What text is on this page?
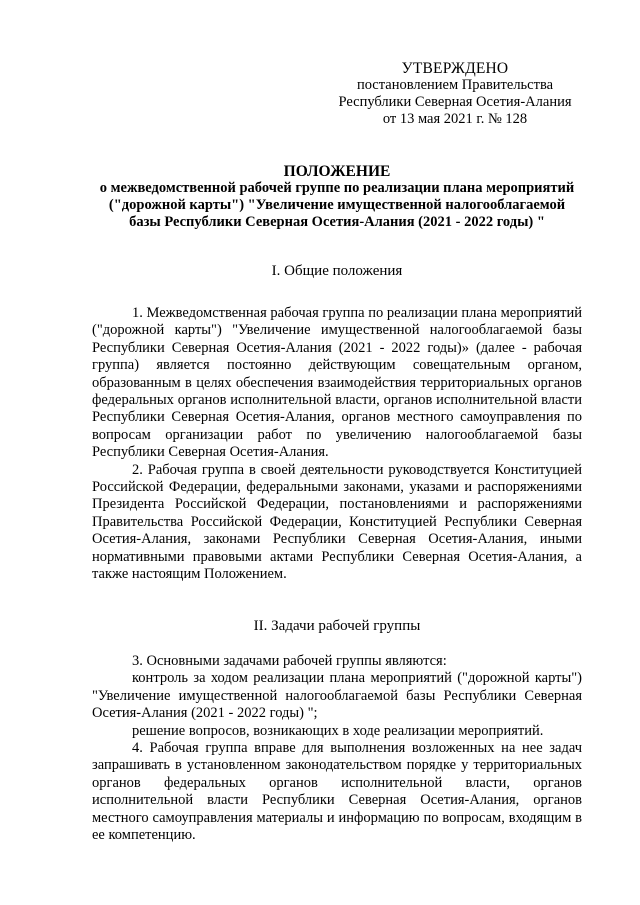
УТВЕРЖДЕНО
постановлением Правительства
Республики Северная Осетия-Алания
от 13 мая 2021 г. № 128
ПОЛОЖЕНИЕ
о межведомственной рабочей группе по реализации плана мероприятий ("дорожной карты") "Увеличение имущественной налогооблагаемой базы Республики Северная Осетия-Алания (2021 - 2022 годы) "
I. Общие положения

1. Межведомственная рабочая группа по реализации плана мероприятий ("дорожной карты") "Увеличение имущественной налогооблагаемой базы Республики Северная Осетия-Алания (2021 - 2022 годы)» (далее - рабочая группа) является постоянно действующим совещательным органом, образованным в целях обеспечения взаимодействия территориальных органов федеральных органов исполнительной власти, органов исполнительной власти Республики Северная Осетия-Алания, органов местного самоуправления по вопросам организации работ по увеличению налогооблагаемой базы Республики Северная Осетия-Алания.

2. Рабочая группа в своей деятельности руководствуется Конституцией Российской Федерации, федеральными законами, указами и распоряжениями Президента Российской Федерации, постановлениями и распоряжениями Правительства Российской Федерации, Конституцией Республики Северная Осетия-Алания, законами Республики Северная Осетия-Алания, иными нормативными правовыми актами Республики Северная Осетия-Алания, а также настоящим Положением.

II. Задачи рабочей группы

3. Основными задачами рабочей группы являются:

контроль за ходом реализации плана мероприятий ("дорожной карты") "Увеличение имущественной налогооблагаемой базы Республики Северная Осетия-Алания (2021 - 2022 годы) ";

решение вопросов, возникающих в ходе реализации мероприятий.

4. Рабочая группа вправе для выполнения возложенных на нее задач запрашивать в установленном законодательством порядке у территориальных органов федеральных органов исполнительной власти, органов исполнительной власти Республики Северная Осетия-Алания, органов местного самоуправления материалы и информацию по вопросам, входящим в ее компетенцию.
